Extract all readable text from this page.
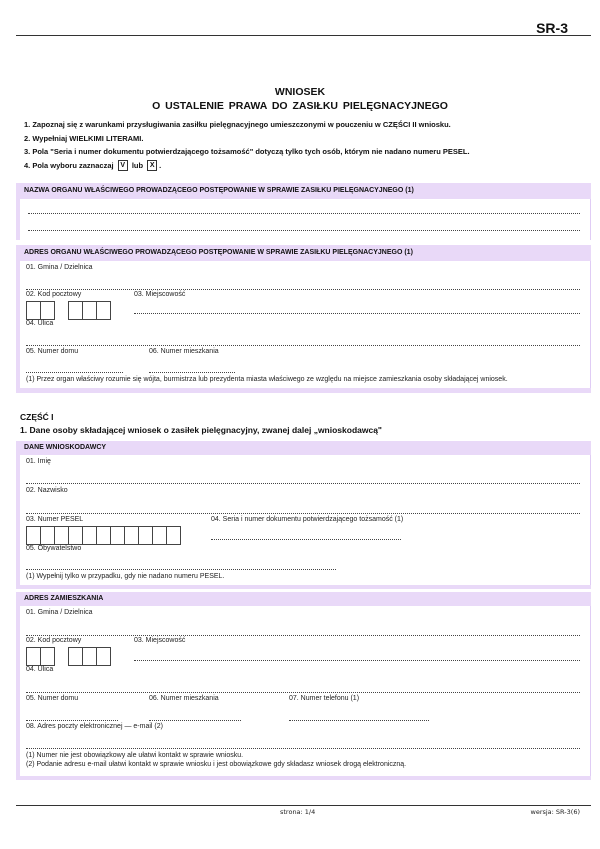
SR-3
WNIOSEK
O USTALENIE PRAWA DO ZASIŁKU PIELĘGNACYJNEGO
1. Zapoznaj się z warunkami przysługiwania zasiłku pielęgnacyjnego umieszczonymi w pouczeniu w CZĘŚCI II wniosku.
2. Wypełniaj WIELKIMI LITERAMI.
3. Pola "Seria i numer dokumentu potwierdzającego tożsamość" dotyczą tylko tych osób, którym nie nadano numeru PESEL.
4. Pola wyboru zaznaczaj V lub X .
NAZWA ORGANU WŁAŚCIWEGO PROWADZĄCEGO POSTĘPOWANIE W SPRAWIE ZASIŁKU PIELĘGNACYJNEGO (1)
ADRES ORGANU WŁAŚCIWEGO PROWADZĄCEGO POSTĘPOWANIE W SPRAWIE ZASIŁKU PIELĘGNACYJNEGO (1)
01. Gmina / Dzielnica
02. Kod pocztowy	03. Miejscowość
04. Ulica
05. Numer domu	06. Numer mieszkania
(1) Przez organ właściwy rozumie się wójta, burmistrza lub prezydenta miasta właściwego ze względu na miejsce zamieszkania osoby składającej wniosek.
CZĘŚĆ I
1. Dane osoby składającej wniosek o zasiłek pielęgnacyjny, zwanej dalej „wnioskodawcą"
DANE WNIOSKODAWCY
01. Imię
02. Nazwisko
03. Numer PESEL	04. Seria i numer dokumentu potwierdzającego tożsamość (1)
05. Obywatelstwo
(1) Wypełnij tylko w przypadku, gdy nie nadano numeru PESEL.
ADRES ZAMIESZKANIA
01. Gmina / Dzielnica
02. Kod pocztowy	03. Miejscowość
04. Ulica
05. Numer domu	06. Numer mieszkania	07. Numer telefonu (1)
08. Adres poczty elektronicznej — e-mail (2)
(1) Numer nie jest obowiązkowy ale ułatwi kontakt w sprawie wniosku.
(2) Podanie adresu e-mail ułatwi kontakt w sprawie wniosku i jest obowiązkowe gdy składasz wniosek drogą elektroniczną.
strona: 1/4	wersja: SR-3(6)
